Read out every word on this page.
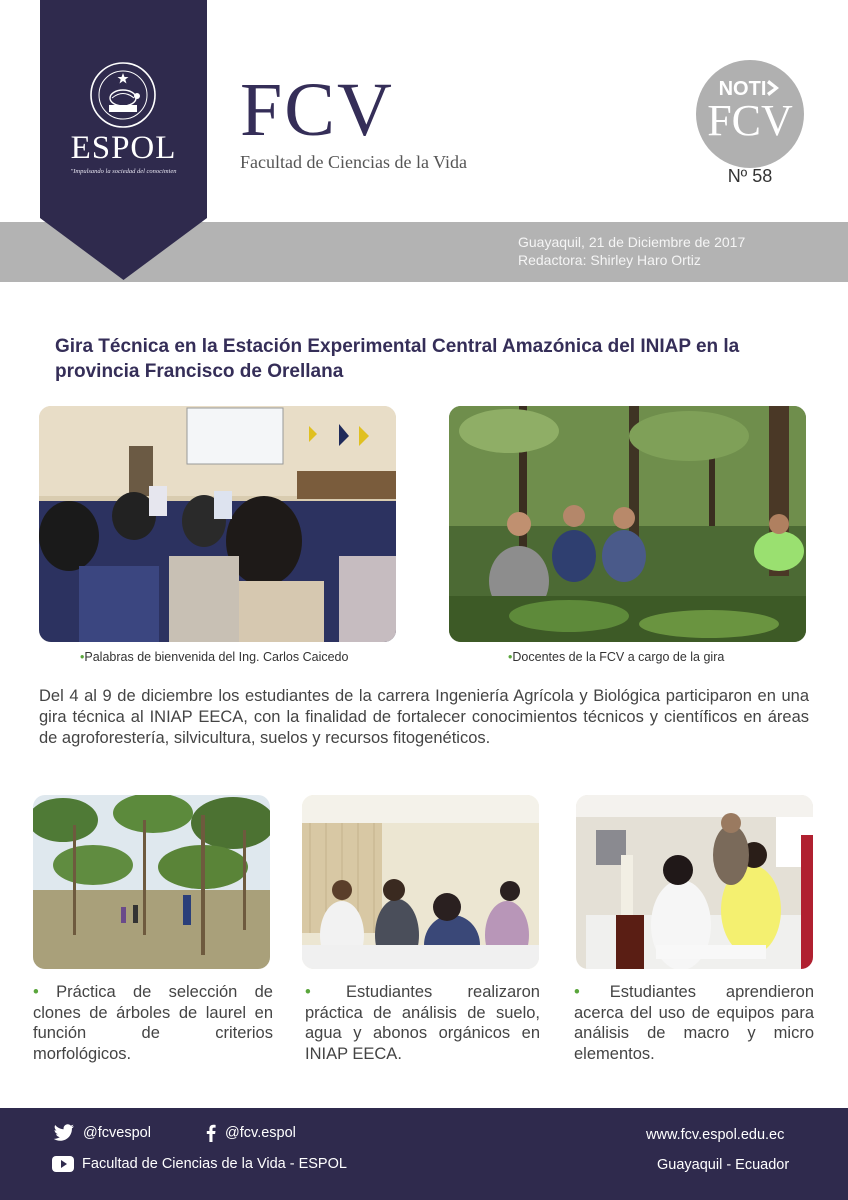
ESPOL
"Impulsando la sociedad del conocimien
FCV
Facultad de Ciencias de la Vida
NOTI
FCV
Nº 58
Guayaquil, 21 de Diciembre de 2017
Redactora: Shirley Haro Ortiz
Gira Técnica en la Estación Experimental Central Amazónica del INIAP en la provincia Francisco de Orellana
•Palabras de bienvenida del Ing. Carlos Caicedo	•Docentes de la FCV a cargo de la gira
Del 4 al 9 de diciembre los estudiantes de la carrera Ingeniería Agrícola y Biológica participaron en una gira técnica al INIAP EECA, con la finalidad de fortalecer conocimientos técnicos y científicos en áreas de agroforestería, silvicultura, suelos y recursos fitogenéticos.
• Práctica de selección de clones de árboles de laurel en función de criterios morfológicos.
• Estudiantes realizaron práctica de análisis de suelo, agua y abonos orgánicos en INIAP EECA.
• Estudiantes aprendieron acerca del uso de equipos para análisis de macro y micro elementos.
@fcvespol	@fcv.espol
Facultad de Ciencias de la Vida - ESPOL
www.fcv.espol.edu.ec
Guayaquil - Ecuador
